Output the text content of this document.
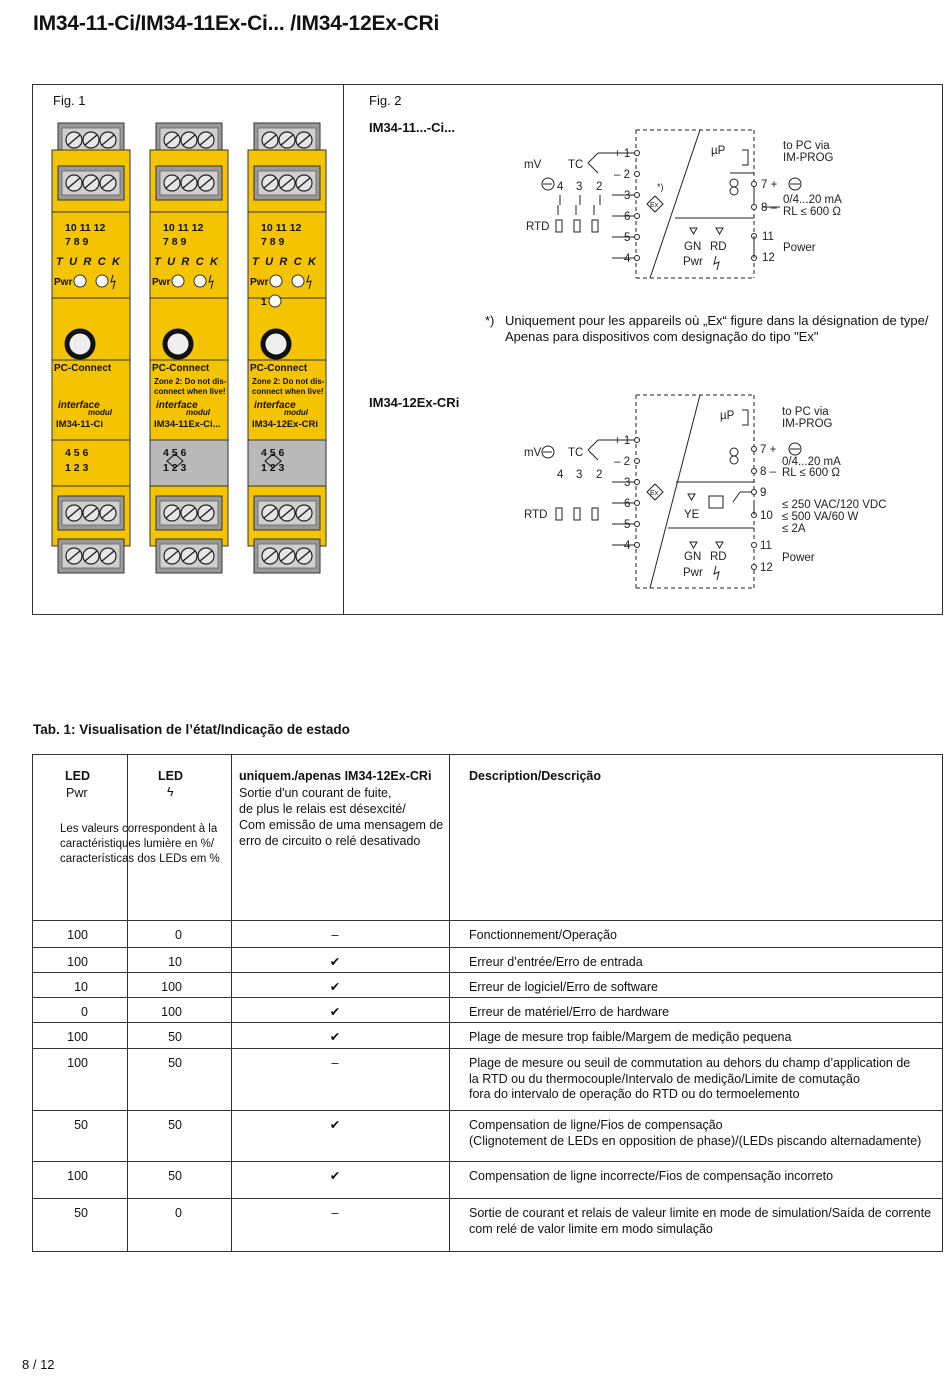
IM34-11-Ci/IM34-11Ex-Ci... /IM34-12Ex-CRi
Fig. 1	Fig. 2
IM34-11...-Ci...
IM34-12Ex-CRi
*) Uniquement pour les appareils où „Ex“ figure dans la désignation de type/
Apenas para dispositivos com designação do tipo "Ex"
10 11 12
7 8 9
TURCK
Pwr
PC-Connect
interface
modul
IM34-11-Ci
4 5 6
1 2 3
10 11 12
7 8 9
TURCK
Pwr
PC-Connect
Zone 2: Do not dis-
connect when live!
interface
modul
IM34-11Ex-Ci...
4 5 6
1 2 3
10 11 12
7 8 9
TURCK
Pwr
1
PC-Connect
Zone 2: Do not dis-
connect when live!
interface
modul
IM34-12Ex-CRi
4 5 6
1 2 3
mV TC
4 3 2
RTD
+ 1
– 2
3
6
5
4
*)
Ex
µP	to PC via
IM-PROG
7 +
8 –
0/4...20 mA
RL ≤ 600 Ω
GN RD
Pwr
11
12
Power
mV TC
4 3 2
RTD
+ 1
– 2
3
6
5
4
Ex
µP	to PC via
IM-PROG
7 +
8 –
0/4...20 mA
RL ≤ 600 Ω
9
10
YE
≤ 250 VAC/120 VDC
≤ 500 VA/60 W
≤ 2A
GN RD
Pwr
11
12
Power
Tab. 1: Visualisation de l’état/Indicação de estado
LED
Pwr
LED
ϟ
Les valeurs correspondent à la caractéristiques lumière en %/ características dos LEDs em %
uniquem./apenas IM34-12Ex-CRi
Sortie d'un courant de fuite,
de plus le relais est désexcité/
Com emissão de uma mensagem de
erro de circuito o relé desativado
Description/Descrição
100	0	–	Fonctionnement/Operação
100	10	✔	Erreur d’entrée/Erro de entrada
10	100	✔	Erreur de logiciel/Erro de software
0	100	✔	Erreur de matériel/Erro de hardware
100	50	✔	Plage de mesure trop faible/Margem de medição pequena
100	50	–	Plage de mesure ou seuil de commutation au dehors du champ d’application de
la RTD ou du thermocouple/Intervalo de medição/Limite de comutação
fora do intervalo de operação do RTD ou do termoelemento
50	50	✔	Compensation de ligne/Fios de compensação
(Clignotement de LEDs en opposition de phase)/(LEDs piscando alternadamente)
100	50	✔	Compensation de ligne incorrecte/Fios de compensação incorreto
50	0	–	Sortie de courant et relais de valeur limite en mode de simulation/Saída de corrente
com relé de valor limite em modo simulação
8 / 12
